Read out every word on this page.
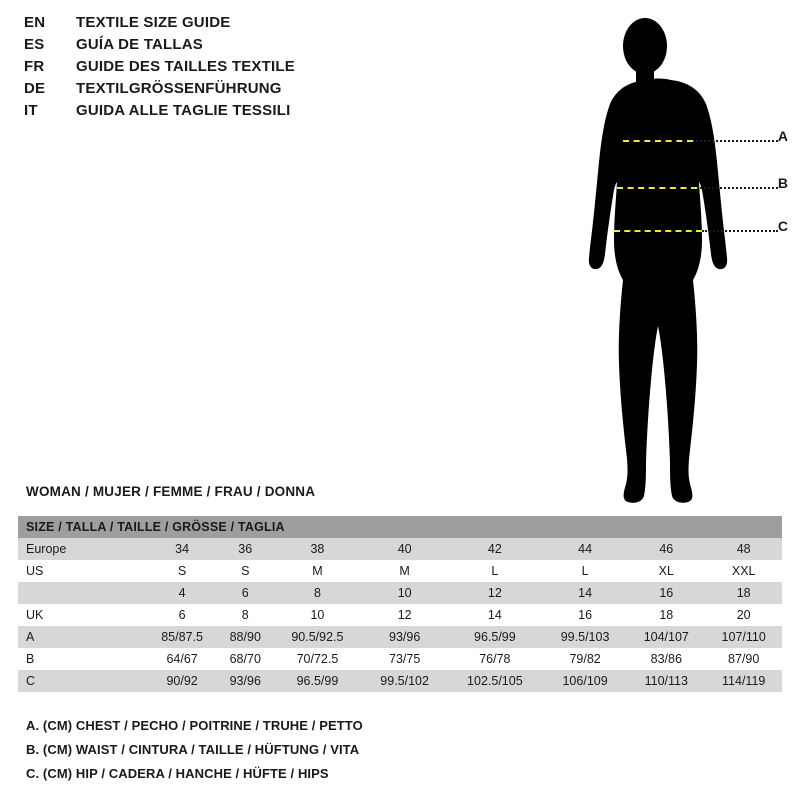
EN	TEXTILE SIZE GUIDE
ES	GUÍA DE TALLAS
FR	GUIDE DES TAILLES TEXTILE
DE	TEXTILGRÖSSENFÜHRUNG
IT	GUIDA ALLE TAGLIE TESSILI
A
B
C
WOMAN / MUJER / FEMME / FRAU / DONNA
SIZE / TALLA / TAILLE / GRÖSSE / TAGLIA								
Europe	34	36	38	40	42	44	46	48
US	S	S	M	M	L	L	XL	XXL
	4	6	8	10	12	14	16	18
UK	6	8	10	12	14	16	18	20
A	85/87.5	88/90	90.5/92.5	93/96	96.5/99	99.5/103	104/107	107/110
B	64/67	68/70	70/72.5	73/75	76/78	79/82	83/86	87/90
C	90/92	93/96	96.5/99	99.5/102	102.5/105	106/109	110/113	114/119
A. (CM) CHEST / PECHO / POITRINE / TRUHE / PETTO
B. (CM) WAIST / CINTURA / TAILLE / HÜFTUNG / VITA
C. (CM) HIP / CADERA / HANCHE / HÜFTE / HIPS
